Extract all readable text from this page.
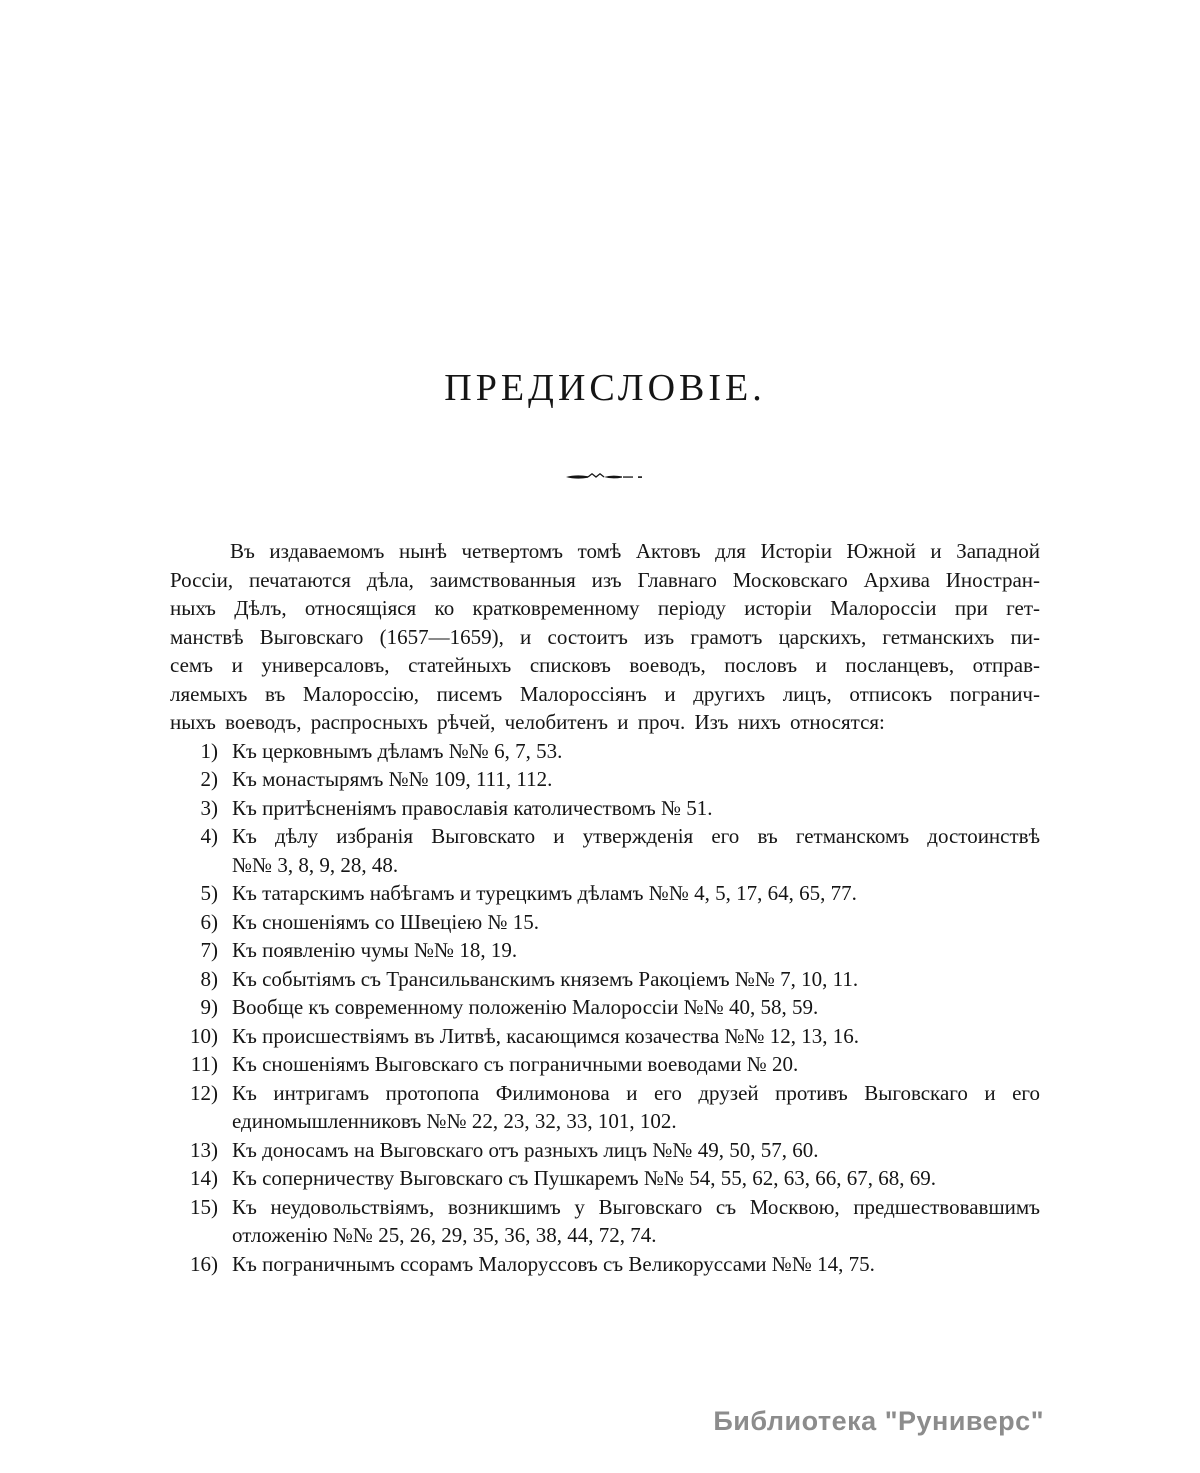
ПРЕДИСЛОВІЕ.

Въ издаваемомъ нынѣ четвертомъ томѣ Актовъ для Исторіи Южной и Западной
Россіи, печатаются дѣла, заимствованныя изъ Главнаго Московскаго Архива Иностран-
ныхъ Дѣлъ, относящіяся ко кратковременному періоду исторіи Малороссіи при гет-
манствѣ Выговскаго (1657—1659), и состоитъ изъ грамотъ царскихъ, гетманскихъ пи-
семъ и универсаловъ, статейныхъ списковъ воеводъ, пословъ и посланцевъ, отправ-
ляемыхъ въ Малороссію, писемъ Малороссіянъ и другихъ лицъ, отписокъ погранич-
ныхъ воеводъ, распросныхъ рѣчей, челобитенъ и проч. Изъ нихъ относятся:

1) Къ церковнымъ дѣламъ №№ 6, 7, 53.
2) Къ монастырямъ №№ 109, 111, 112.
3) Къ притѣсненіямъ православія католичествомъ № 51.
4) Къ дѣлу избранія Выговскато и утвержденія его въ гетманскомъ достоинствѣ
№№ 3, 8, 9, 28, 48.
5) Къ татарскимъ набѣгамъ и турецкимъ дѣламъ №№ 4, 5, 17, 64, 65, 77.
6) Къ сношеніямъ со Швеціею № 15.
7) Къ появленію чумы №№ 18, 19.
8) Къ событіямъ съ Трансильванскимъ княземъ Ракоціемъ №№ 7, 10, 11.
9) Вообще къ современному положенію Малороссіи №№ 40, 58, 59.
10) Къ происшествіямъ въ Литвѣ, касающимся козачества №№ 12, 13, 16.
11) Къ сношеніямъ Выговскаго съ пограничными воеводами № 20.
12) Къ интригамъ протопопа Филимонова и его друзей противъ Выговскаго и его
единомышленниковъ №№ 22, 23, 32, 33, 101, 102.
13) Къ доносамъ на Выговскаго отъ разныхъ лицъ №№ 49, 50, 57, 60.
14) Къ соперничеству Выговскаго съ Пушкаремъ №№ 54, 55, 62, 63, 66, 67, 68, 69.
15) Къ неудовольствіямъ, возникшимъ у Выговскаго съ Москвою, предшествовавшимъ
отложенію №№ 25, 26, 29, 35, 36, 38, 44, 72, 74.
16) Къ пограничнымъ ссорамъ Малоруссовъ съ Великоруссами №№ 14, 75.
Библиотека "Руниверс"
